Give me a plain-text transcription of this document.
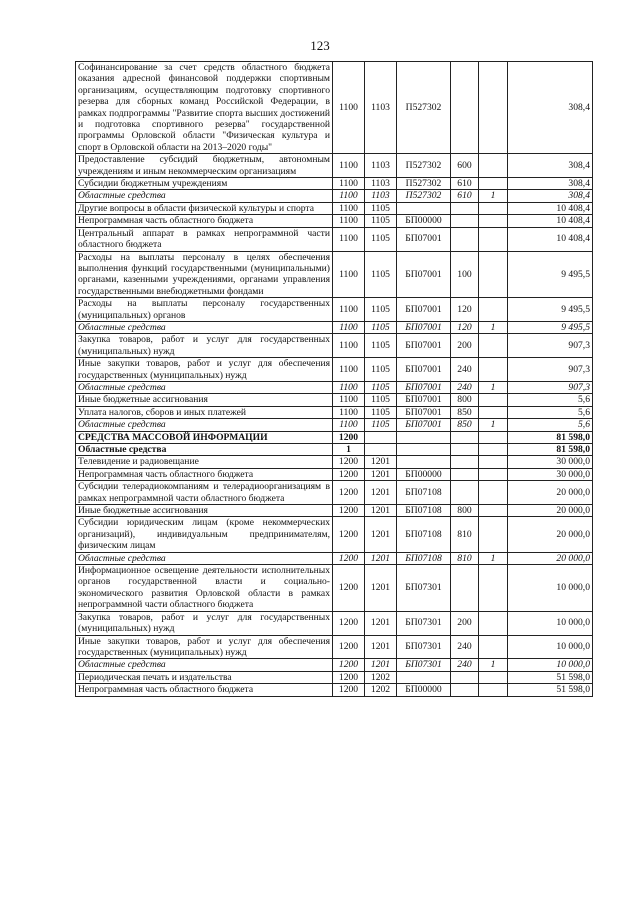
123
Софинансирование за счет средств областного бюджета оказания адресной финансовой поддержки спортивным организациям, осуществляющим подготовку спортивного резерва для сборных команд Российской Федерации, в рамках подпрограммы "Развитие спорта высших достижений и подготовка спортивного резерва" государственной программы Орловской области "Физическая культура и спорт в Орловской области на 2013–2020 годы"	1100	1103	П527302			308,4
Предоставление субсидий бюджетным, автономным учреждениям и иным некоммерческим организациям	1100	1103	П527302	600		308,4
Субсидии бюджетным учреждениям	1100	1103	П527302	610		308,4
Областные средства	1100	1103	П527302	610	1	308,4
Другие вопросы в области физической культуры и спорта	1100	1105				10 408,4
Непрограммная часть областного бюджета	1100	1105	БП00000			10 408,4
Центральный аппарат в рамках непрограммной части областного бюджета	1100	1105	БП07001			10 408,4
Расходы на выплаты персоналу в целях обеспечения выполнения функций государственными (муниципальными) органами, казенными учреждениями, органами управления государственными внебюджетными фондами	1100	1105	БП07001	100		9 495,5
Расходы на выплаты персоналу государственных (муниципальных) органов	1100	1105	БП07001	120		9 495,5
Областные средства	1100	1105	БП07001	120	1	9 495,5
Закупка товаров, работ и услуг для государственных (муниципальных) нужд	1100	1105	БП07001	200		907,3
Иные закупки товаров, работ и услуг для обеспечения государственных (муниципальных) нужд	1100	1105	БП07001	240		907,3
Областные средства	1100	1105	БП07001	240	1	907,3
Иные бюджетные ассигнования	1100	1105	БП07001	800		5,6
Уплата налогов, сборов и иных платежей	1100	1105	БП07001	850		5,6
Областные средства	1100	1105	БП07001	850	1	5,6
СРЕДСТВА МАССОВОЙ ИНФОРМАЦИИ	1200					81 598,0
Областные средства	1					81 598,0
Телевидение и радиовещание	1200	1201				30 000,0
Непрограммная часть областного бюджета	1200	1201	БП00000			30 000,0
Субсидии телерадиокомпаниям и телерадиоорганизациям в рамках непрограммной части областного бюджета	1200	1201	БП07108			20 000,0
Иные бюджетные ассигнования	1200	1201	БП07108	800		20 000,0
Субсидии юридическим лицам (кроме некоммерческих организаций), индивидуальным предпринимателям, физическим лицам	1200	1201	БП07108	810		20 000,0
Областные средства	1200	1201	БП07108	810	1	20 000,0
Информационное освещение деятельности исполнительных органов государственной власти и социально-экономического развития Орловской области в рамках непрограммной части областного бюджета	1200	1201	БП07301			10 000,0
Закупка товаров, работ и услуг для государственных (муниципальных) нужд	1200	1201	БП07301	200		10 000,0
Иные закупки товаров, работ и услуг для обеспечения государственных (муниципальных) нужд	1200	1201	БП07301	240		10 000,0
Областные средства	1200	1201	БП07301	240	1	10 000,0
Периодическая печать и издательства	1200	1202				51 598,0
Непрограммная часть областного бюджета	1200	1202	БП00000			51 598,0
